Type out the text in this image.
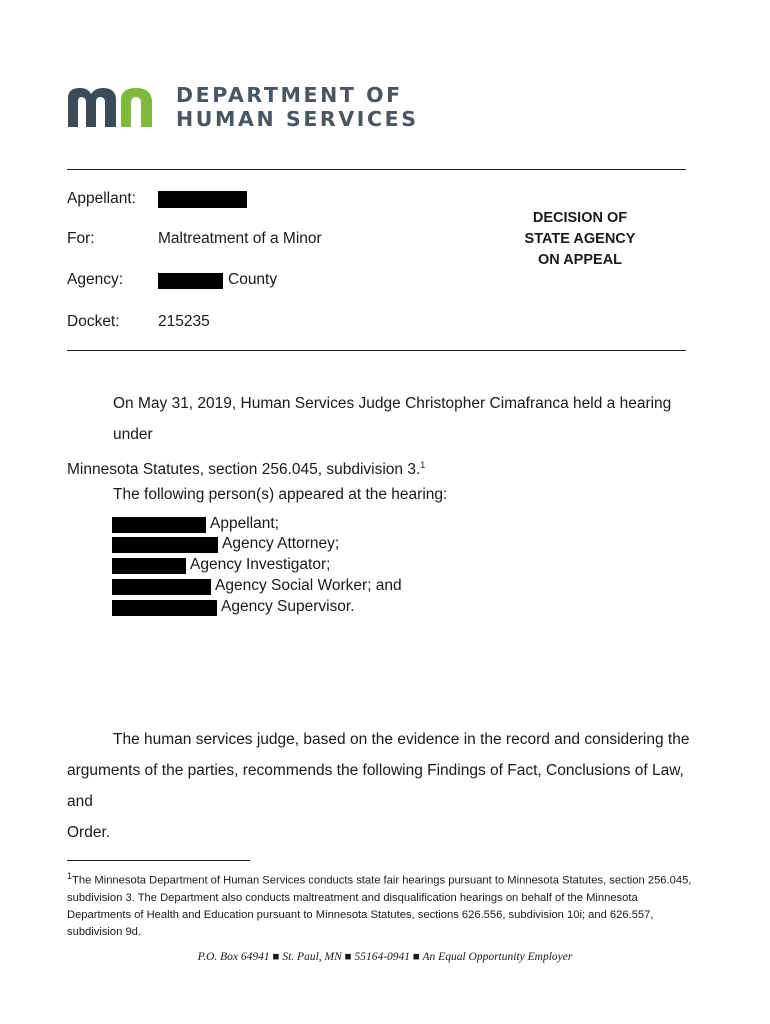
DEPARTMENT OF
HUMAN SERVICES
Appellant:
For:	Maltreatment of a Minor
Agency:	County
Docket: 215235
DECISION OF
STATE AGENCY
ON APPEAL
On May 31, 2019, Human Services Judge Christopher Cimafranca held a hearing under
Minnesota Statutes, section 256.045, subdivision 3.$^1$
The following person(s) appeared at the hearing:
Appellant;
Agency Attorney;
Agency Investigator;
Agency Social Worker; and
Agency Supervisor.
The human services judge, based on the evidence in the record and considering the
arguments of the parties, recommends the following Findings of Fact, Conclusions of Law, and
Order.
$^1$The Minnesota Department of Human Services conducts state fair hearings pursuant to Minnesota Statutes, section 256.045, subdivision 3. The Department also conducts maltreatment and disqualification hearings on behalf of the Minnesota Departments of Health and Education pursuant to Minnesota Statutes, sections 626.556, subdivision 10i; and 626.557, subdivision 9d.
P.O. Box 64941 ■ St. Paul, MN ■ 55164-0941 ■ An Equal Opportunity Employer
